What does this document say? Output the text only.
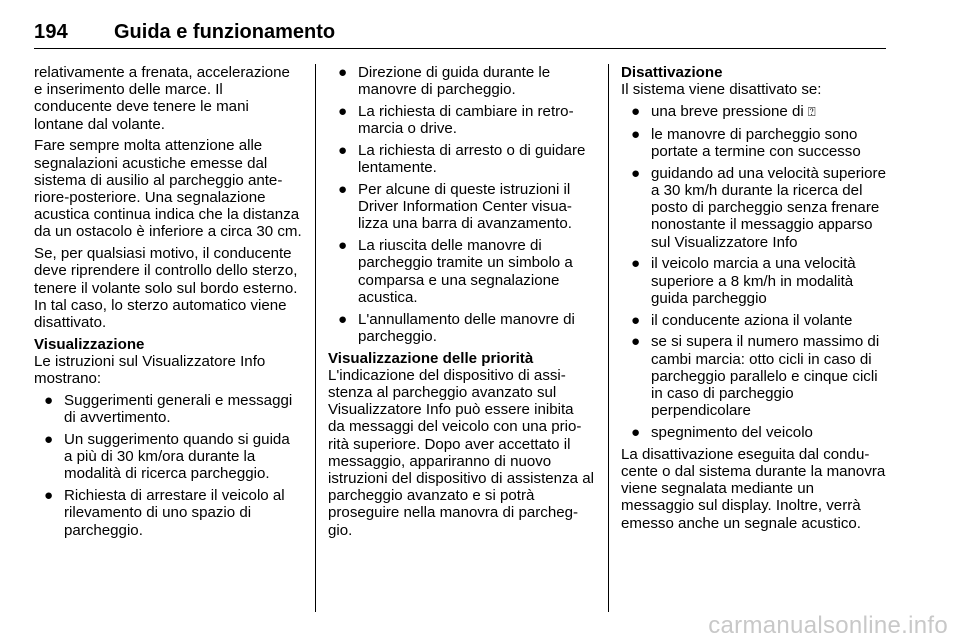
194 Guida e funzionamento

relativamente a frenata, accelerazione e inserimento delle marce. Il conducente deve tenere le mani lontane dal volante.

Fare sempre molta attenzione alle segnalazioni acustiche emesse dal sistema di ausilio al parcheggio anteriore-posteriore. Una segnalazione acustica continua indica che la distanza da un ostacolo è inferiore a circa 30 cm.

Se, per qualsiasi motivo, il conducente deve riprendere il controllo dello sterzo, tenere il volante solo sul bordo esterno. In tal caso, lo sterzo automatico viene disattivato.

Visualizzazione
Le istruzioni sul Visualizzatore Info mostrano:
● Suggerimenti generali e messaggi di avvertimento.
● Un suggerimento quando si guida a più di 30 km/ora durante la modalità di ricerca parcheggio.
● Richiesta di arrestare il veicolo al rilevamento di uno spazio di parcheggio.
● Direzione di guida durante le manovre di parcheggio.
● La richiesta di cambiare in retromarcia o drive.
● La richiesta di arresto o di guidare lentamente.
● Per alcune di queste istruzioni il Driver Information Center visualizza una barra di avanzamento.
● La riuscita delle manovre di parcheggio tramite un simbolo a comparsa e una segnalazione acustica.
● L'annullamento delle manovre di parcheggio.
Visualizzazione delle priorità

L'indicazione del dispositivo di assistenza al parcheggio avanzato sul Visualizzatore Info può essere inibita da messaggi del veicolo con una priorità superiore. Dopo aver accettato il messaggio, appariranno di nuovo istruzioni del dispositivo di assistenza al parcheggio avanzato e si potrà proseguire nella manovra di parcheggio.

Disattivazione
Il sistema viene disattivato se:
● una breve pressione di ⍰
● le manovre di parcheggio sono portate a termine con successo
● guidando ad una velocità superiore a 30 km/h durante la ricerca del posto di parcheggio senza frenare nonostante il messaggio apparso sul Visualizzatore Info
● il veicolo marcia a una velocità superiore a 8 km/h in modalità guida parcheggio
● il conducente aziona il volante
● se si supera il numero massimo di cambi marcia: otto cicli in caso di parcheggio parallelo e cinque cicli in caso di parcheggio perpendicolare
● spegnimento del veicolo

La disattivazione eseguita dal conducente o dal sistema durante la manovra viene segnalata mediante un messaggio sul display. Inoltre, verrà emesso anche un segnale acustico.

carmanualsonline.info
